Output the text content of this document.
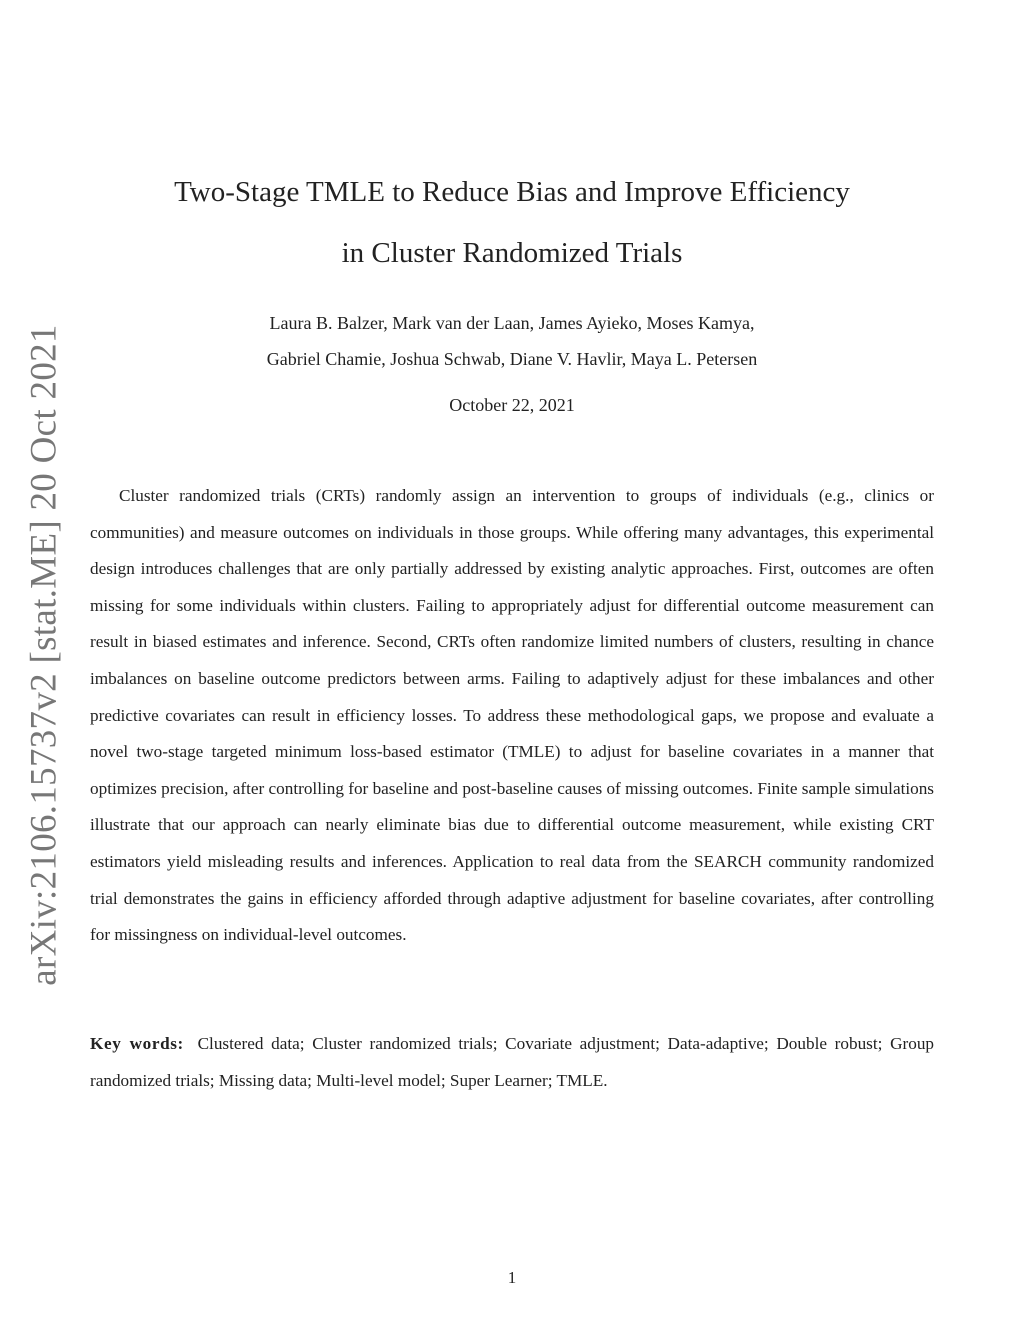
arXiv:2106.15737v2 [stat.ME] 20 Oct 2021
Two-Stage TMLE to Reduce Bias and Improve Efficiency
in Cluster Randomized Trials
Laura B. Balzer, Mark van der Laan, James Ayieko, Moses Kamya,
Gabriel Chamie, Joshua Schwab, Diane V. Havlir, Maya L. Petersen
October 22, 2021

Cluster randomized trials (CRTs) randomly assign an intervention to groups of individuals (e.g., clinics or communities) and measure outcomes on individuals in those groups. While offering many advantages, this experimental design introduces challenges that are only partially addressed by existing analytic approaches. First, outcomes are often missing for some individuals within clusters. Failing to appropriately adjust for differential outcome measurement can result in biased estimates and inference. Second, CRTs often randomize limited numbers of clusters, resulting in chance imbalances on baseline outcome predictors between arms. Failing to adaptively adjust for these imbalances and other predictive covariates can result in efficiency losses. To address these methodological gaps, we propose and evaluate a novel two-stage targeted minimum loss-based estimator (TMLE) to adjust for baseline covariates in a manner that optimizes precision, after controlling for baseline and post-baseline causes of missing outcomes. Finite sample simulations illustrate that our approach can nearly eliminate bias due to differential outcome measurement, while existing CRT estimators yield misleading results and inferences. Application to real data from the SEARCH community randomized trial demonstrates the gains in efficiency afforded through adaptive adjustment for baseline covariates, after controlling for missingness on individual-level outcomes.

Key words: Clustered data; Cluster randomized trials; Covariate adjustment; Data-adaptive; Double robust; Group randomized trials; Missing data; Multi-level model; Super Learner; TMLE.

1
